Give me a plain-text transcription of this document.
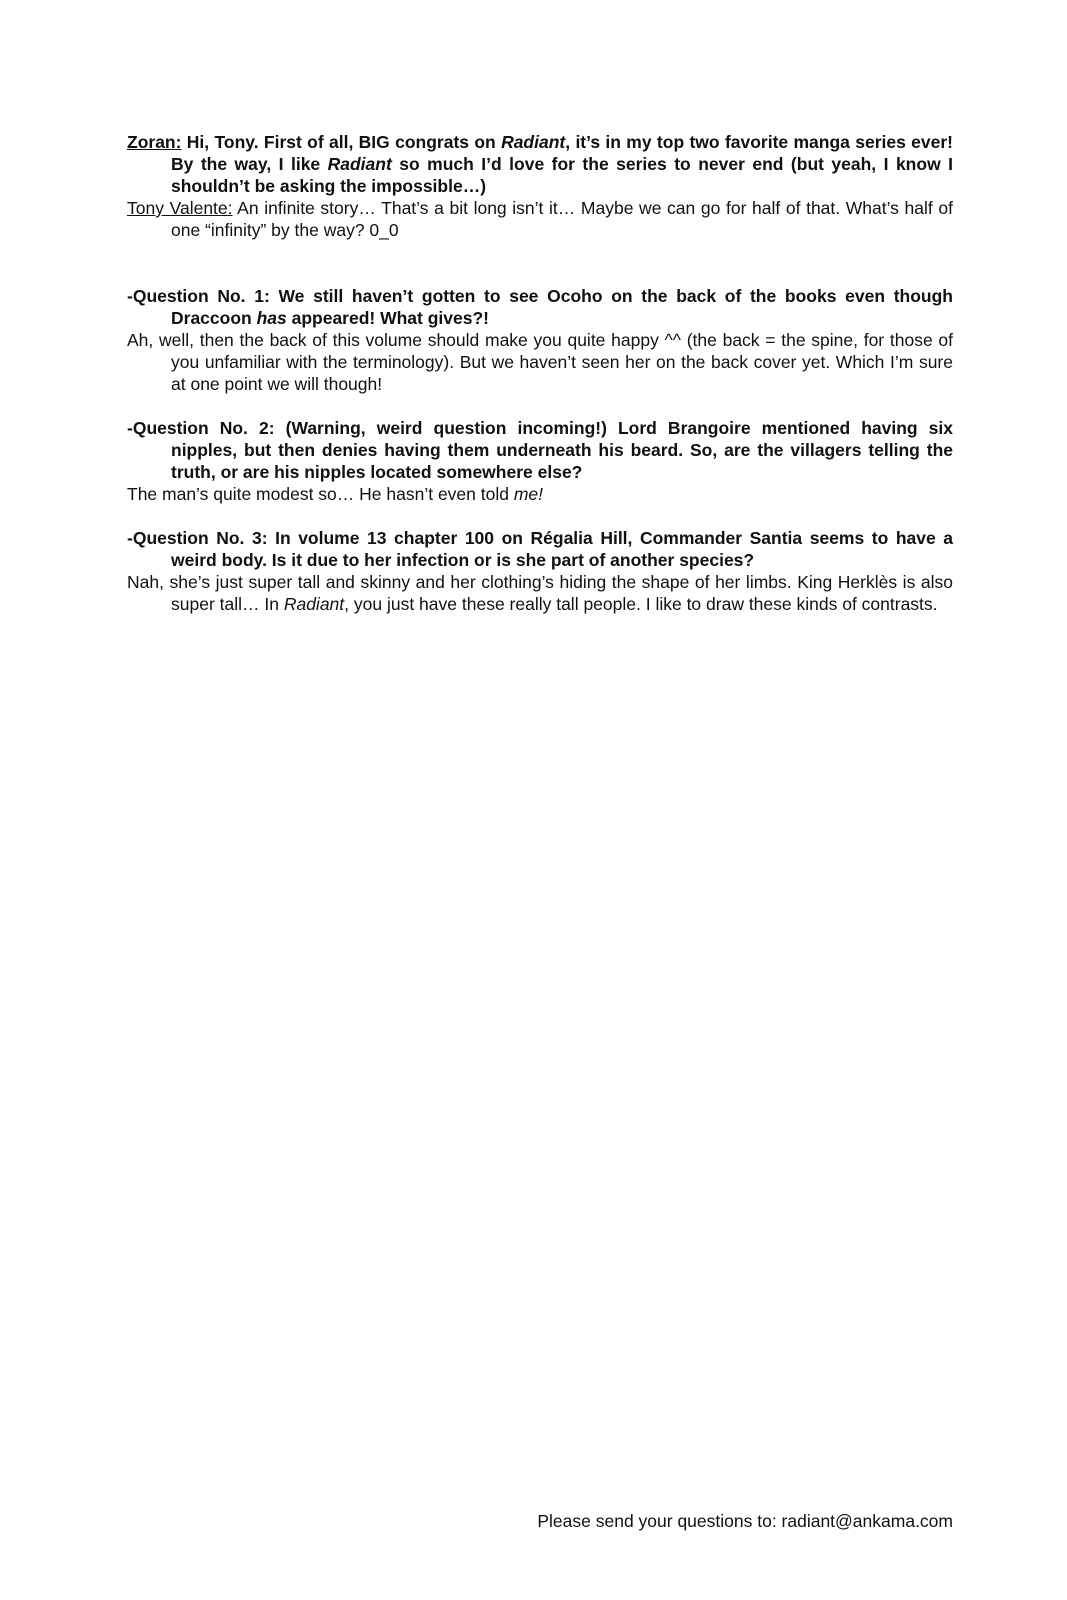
Zoran: Hi, Tony. First of all, BIG congrats on Radiant, it’s in my top two favorite manga series ever! By the way, I like Radiant so much I’d love for the series to never end (but yeah, I know I shouldn’t be asking the impossible…)

Tony Valente: An infinite story… That’s a bit long isn’t it… Maybe we can go for half of that. What’s half of one “infinity” by the way? 0_0

-Question No. 1: We still haven’t gotten to see Ocoho on the back of the books even though Draccoon has appeared! What gives?!

Ah, well, then the back of this volume should make you quite happy ^^ (the back = the spine, for those of you unfamiliar with the terminology). But we haven’t seen her on the back cover yet. Which I’m sure at one point we will though!

-Question No. 2: (Warning, weird question incoming!) Lord Brangoire mentioned having six nipples, but then denies having them underneath his beard. So, are the villagers telling the truth, or are his nipples located somewhere else?

The man’s quite modest so… He hasn’t even told me!

-Question No. 3: In volume 13 chapter 100 on Régalia Hill, Commander Santia seems to have a weird body. Is it due to her infection or is she part of another species?

Nah, she’s just super tall and skinny and her clothing’s hiding the shape of her limbs. King Herklès is also super tall… In Radiant, you just have these really tall people. I like to draw these kinds of contrasts.

Please send your questions to: radiant@ankama.com
